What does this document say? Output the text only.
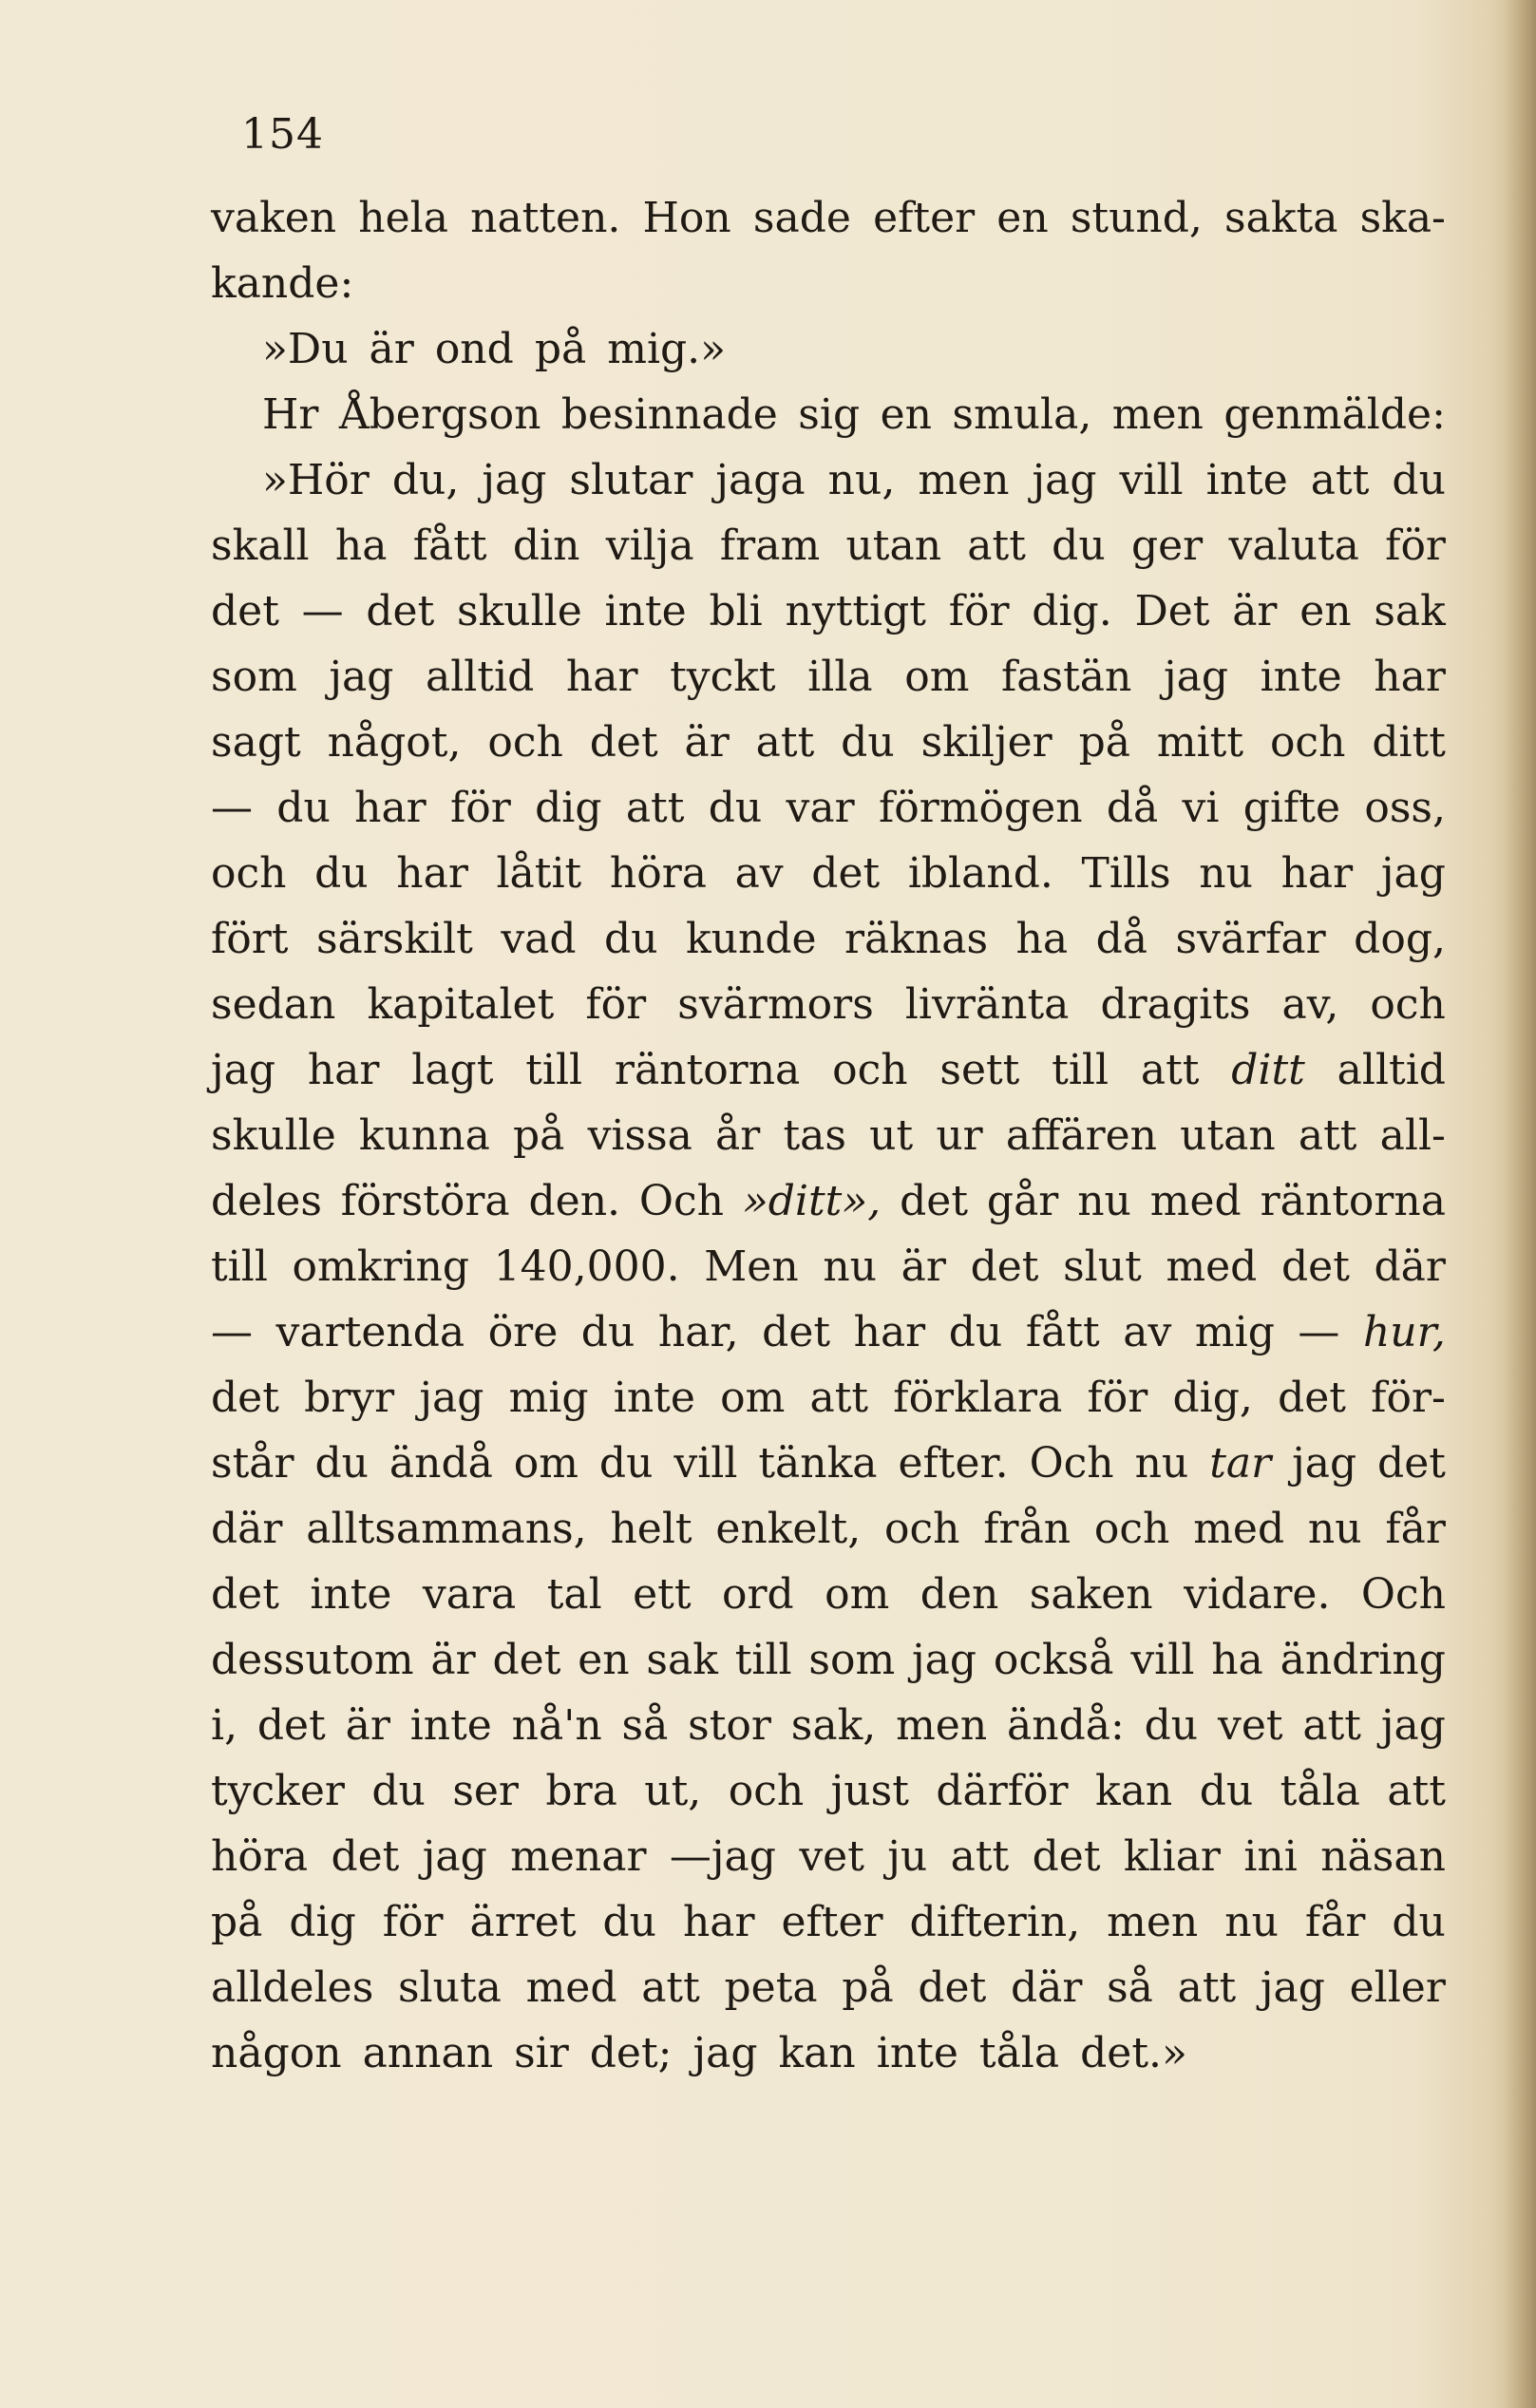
154
vaken hela natten. Hon sade efter en stund, sakta ska-
kande:
»Du är ond på mig.»
Hr Åbergson besinnade sig en smula, men genmälde:
»Hör du, jag slutar jaga nu, men jag vill inte att du
skall ha fått din vilja fram utan att du ger valuta för
det — det skulle inte bli nyttigt för dig. Det är en sak
som jag alltid har tyckt illa om fastän jag inte har
sagt något, och det är att du skiljer på mitt och ditt
— du har för dig att du var förmögen då vi gifte oss,
och du har låtit höra av det ibland. Tills nu har jag
fört särskilt vad du kunde räknas ha då svärfar dog,
sedan kapitalet för svärmors livränta dragits av, och
jag har lagt till räntorna och sett till att ditt alltid
skulle kunna på vissa år tas ut ur affären utan att all-
deles förstöra den. Och »ditt», det går nu med räntorna
till omkring 140,000. Men nu är det slut med det där
— vartenda öre du har, det har du fått av mig — hur,
det bryr jag mig inte om att förklara för dig, det för-
står du ändå om du vill tänka efter. Och nu tar jag det
där alltsammans, helt enkelt, och från och med nu får
det inte vara tal ett ord om den saken vidare. Och
dessutom är det en sak till som jag också vill ha ändring
i, det är inte nå'n så stor sak, men ändå: du vet att jag
tycker du ser bra ut, och just därför kan du tåla att
höra det jag menar —jag vet ju att det kliar ini näsan
på dig för ärret du har efter difterin, men nu får du
alldeles sluta med att peta på det där så att jag eller
någon annan sir det; jag kan inte tåla det.»
